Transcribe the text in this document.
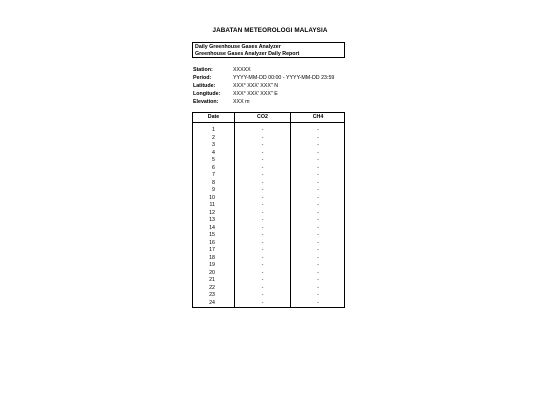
JABATAN METEOROLOGI MALAYSIA
Daily Greenhouse Gases Analyzer
Greenhouse Gases Analyzer Daily Report
Station:	XXXXX
Period:	YYYY-MM-DD 00:00 - YYYY-MM-DD 23:59
Latitude:	XXX° XXX' XXX" N
Longitude:	XXX° XXX' XXX" E
Elevation:	XXX m
Date	CO2	CH4
1	-	-
2	-	-
3	-	-
4	-	-
5	-	-
6	-	-
7	-	-
8	-	-
9	-	-
10	-	-
11	-	-
12	-	-
13	-	-
14	-	-
15	-	-
16	-	-
17	-	-
18	-	-
19	-	-
20	-	-
21	-	-
22	-	-
23	-	-
24	-	-
